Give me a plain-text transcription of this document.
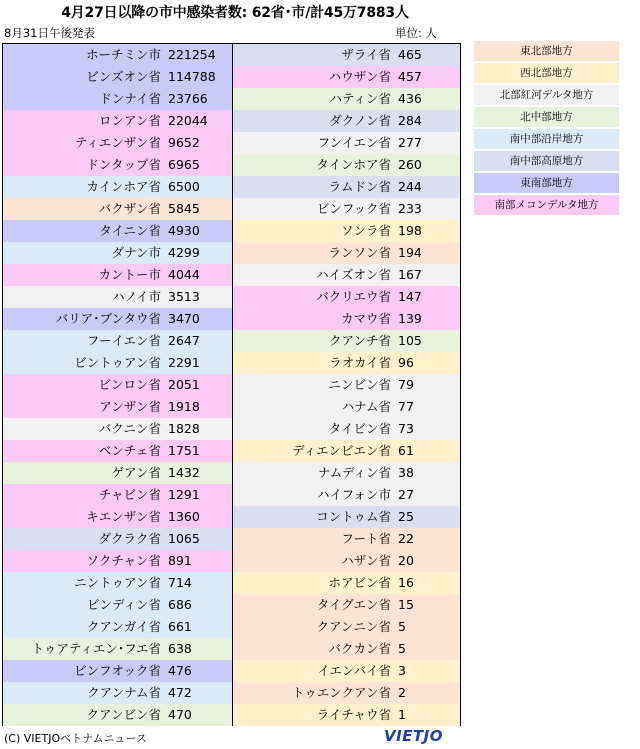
4月27日以降の市中感染者数: 62省･市/計45万7883人
8月31日午後発表	単位: 人
ホーチミン市 221254
ビンズオン省 114788
ドンナイ省 23766
ロンアン省 22044
ティエンザン省 9652
ドンタップ省 6965
カインホア省 6500
バクザン省 5845
タイニン省 4930
ダナン市 4299
カントー市 4044
ハノイ市 3513
バリア･ブンタウ省 3470
フーイエン省 2647
ビントゥアン省 2291
ビンロン省 2051
アンザン省 1918
バクニン省 1828
ベンチェ省 1751
ゲアン省 1432
チャビン省 1291
キエンザン省 1360
ダクラク省 1065
ソクチャン省 891
ニントゥアン省 714
ビンディン省 686
クアンガイ省 661
トゥアティエン･フエ省 638
ビンフオック省 476
クアンナム省 472
クアンビン省 470
ザライ省 465
ハウザン省 457
ハティン省 436
ダクノン省 284
フンイエン省 277
タインホア省 260
ラムドン省 244
ビンフック省 233
ソンラ省 198
ランソン省 194
ハイズオン省 167
バクリエウ省 147
カマウ省 139
クアンチ省 105
ラオカイ省 96
ニンビン省 79
ハナム省 77
タイビン省 73
ディエンビエン省 61
ナムディン省 38
ハイフォン市 27
コントゥム省 25
フート省 22
ハザン省 20
ホアビン省 16
タイグエン省 15
クアンニン省 5
バクカン省 5
イエンバイ省 3
トゥエンクアン省 2
ライチャウ省 1
東北部地方
西北部地方
北部紅河デルタ地方
北中部地方
南中部沿岸地方
南中部高原地方
東南部地方
南部メコンデルタ地方
(C) VIETJOベトナムニュース	VIETJO
